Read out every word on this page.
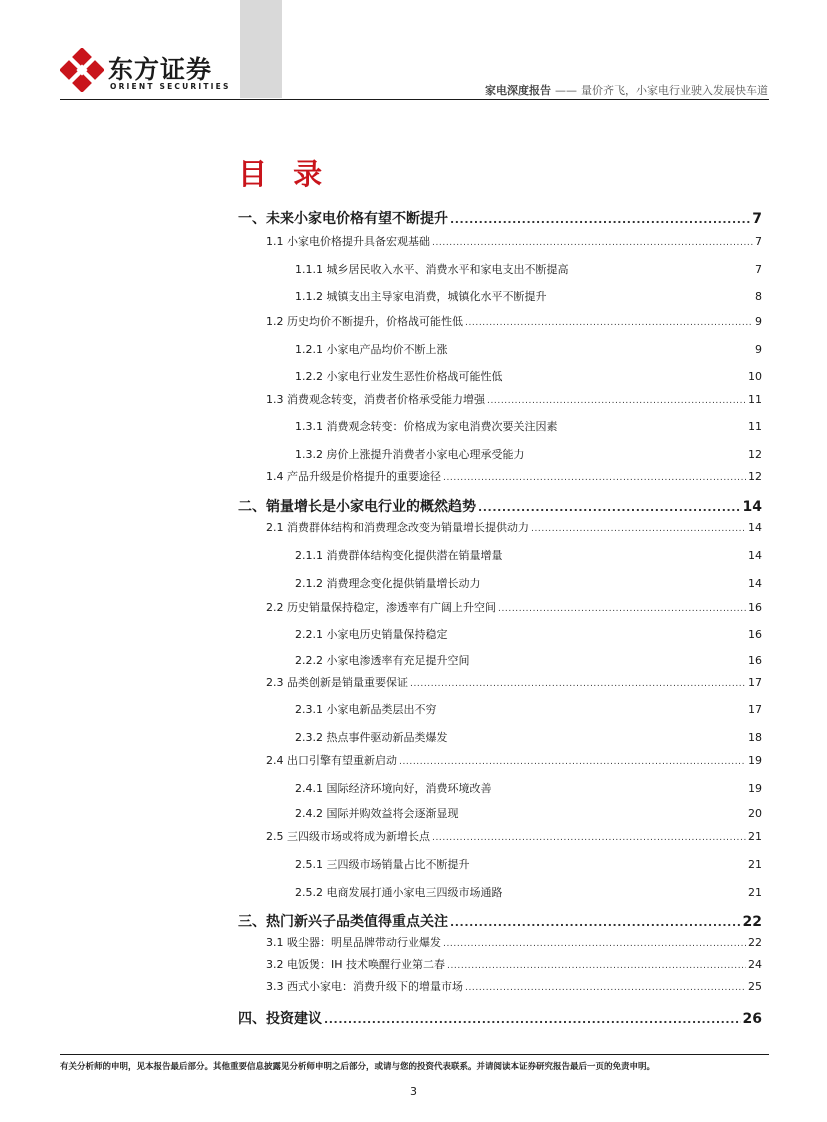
东方证券
ORIENT SECURITIES	家电深度报告 —— 量价齐飞，小家电行业驶入发展快车道
目 录
一、未来小家电价格有望不断提升 .....	7
1.1 小家电价格提升具备宏观基础 .....	7
1.1.1 城乡居民收入水平、消费水平和家电支出不断提高	7
1.1.2 城镇支出主导家电消费，城镇化水平不断提升	8
1.2 历史均价不断提升，价格战可能性低 .....	9
1.2.1 小家电产品均价不断上涨	9
1.2.2 小家电行业发生恶性价格战可能性低	10
1.3 消费观念转变，消费者价格承受能力增强 .....	11
1.3.1 消费观念转变：价格成为家电消费次要关注因素	11
1.3.2 房价上涨提升消费者小家电心理承受能力	12
1.4 产品升级是价格提升的重要途径 .....	12
二、销量增长是小家电行业的概然趋势 .....	14
2.1 消费群体结构和消费理念改变为销量增长提供动力 .....	14
2.1.1 消费群体结构变化提供潜在销量增量	14
2.1.2 消费理念变化提供销量增长动力	14
2.2 历史销量保持稳定，渗透率有广阔上升空间 .....	16
2.2.1 小家电历史销量保持稳定	16
2.2.2 小家电渗透率有充足提升空间	16
2.3 品类创新是销量重要保证 .....	17
2.3.1 小家电新品类层出不穷	17
2.3.2 热点事件驱动新品类爆发	18
2.4 出口引擎有望重新启动 .....	19
2.4.1 国际经济环境向好，消费环境改善	19
2.4.2 国际并购效益将会逐渐显现	20
2.5 三四级市场或将成为新增长点 .....	21
2.5.1 三四级市场销量占比不断提升	21
2.5.2 电商发展打通小家电三四级市场通路	21
三、热门新兴子品类值得重点关注 .....	22
3.1 吸尘器：明星品牌带动行业爆发 .....	22
3.2 电饭煲：IH 技术唤醒行业第二春 .....	24
3.3 西式小家电：消费升级下的增量市场 .....	25
四、投资建议 .....	26
有关分析师的申明，见本报告最后部分。其他重要信息披露见分析师申明之后部分，或请与您的投资代表联系。并请阅读本证券研究报告最后一页的免责申明。
3
